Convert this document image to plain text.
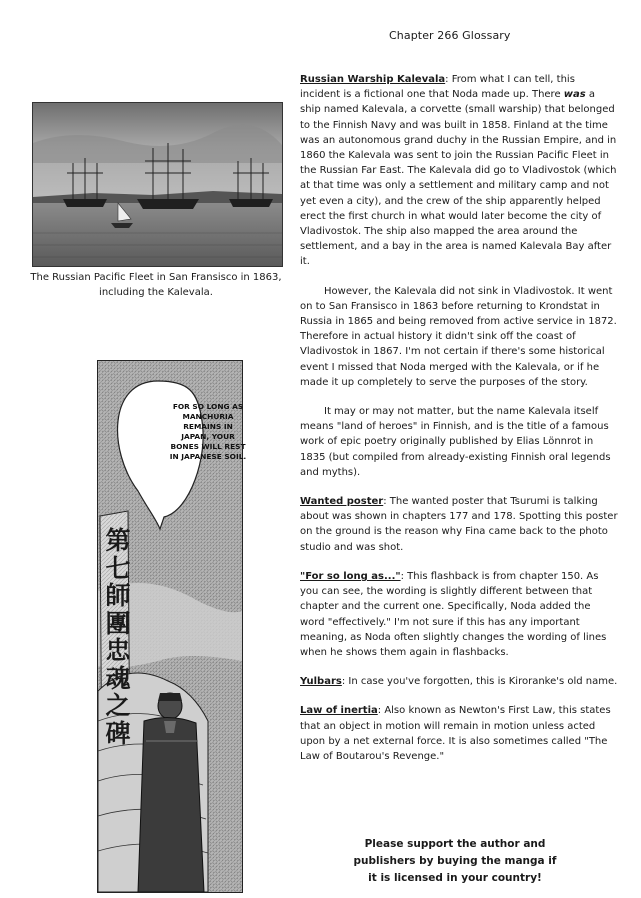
Chapter 266 Glossary
The Russian Pacific Fleet in San Fransisco in 1863,
including the Kalevala.
FOR SO LONG AS MANCHURIA REMAINS IN JAPAN, YOUR BONES WILL REST IN JAPANESE SOIL.
第七師團忠魂之碑

Russian Warship Kalevala: From what I can tell, this incident is a fictional one that Noda made up. There was a ship named Kalevala, a corvette (small warship) that belonged to the Finnish Navy and was built in 1858. Finland at the time was an autonomous grand duchy in the Russian Empire, and in 1860 the Kalevala was sent to join the Russian Pacific Fleet in the Russian Far East. The Kalevala did go to Vladivostok (which at that time was only a settlement and military camp and not yet even a city), and the crew of the ship apparently helped erect the first church in what would later become the city of Vladivostok. The ship also mapped the area around the settlement, and a bay in the area is named Kalevala Bay after it.

However, the Kalevala did not sink in Vladivostok. It went on to San Fransisco in 1863 before returning to Krondstat in Russia in 1865 and being removed from active service in 1872. Therefore in actual history it didn't sink off the coast of Vladivostok in 1867. I'm not certain if there's some historical event I missed that Noda merged with the Kalevala, or if he made it up completely to serve the purposes of the story.

It may or may not matter, but the name Kalevala itself means "land of heroes" in Finnish, and is the title of a famous work of epic poetry originally published by Elias Lönnrot in 1835 (but compiled from already-existing Finnish oral legends and myths).

Wanted poster: The wanted poster that Tsurumi is talking about was shown in chapters 177 and 178. Spotting this poster on the ground is the reason why Fina came back to the photo studio and was shot.

"For so long as...": This flashback is from chapter 150. As you can see, the wording is slightly different between that chapter and the current one. Specifically, Noda added the word "effectively." I'm not sure if this has any important meaning, as Noda often slightly changes the wording of lines when he shows them again in flashbacks.

Yulbars: In case you've forgotten, this is Kiroranke's old name.

Law of inertia: Also known as Newton's First Law, this states that an object in motion will remain in motion unless acted upon by a net external force. It is also sometimes called "The Law of Boutarou's Revenge."

Please support the author and
publishers by buying the manga if
it is licensed in your country!
